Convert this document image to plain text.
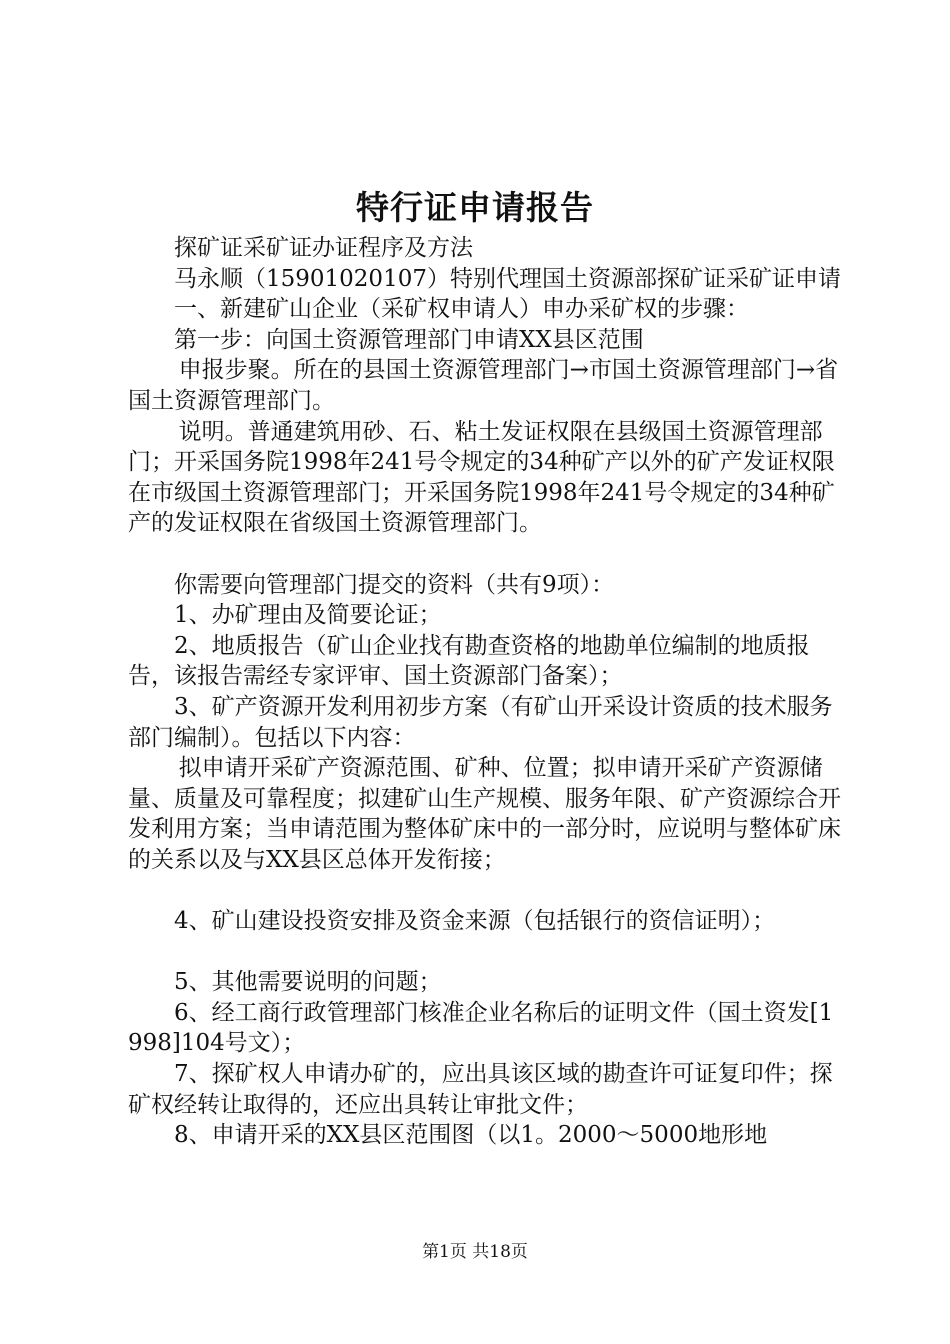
特行证申请报告

探矿证采矿证办证程序及方法

马永顺（15901020107）特别代理国土资源部探矿证采矿证申请

一、新建矿山企业（采矿权申请人）申办采矿权的步骤：

第一步：向国土资源管理部门申请XX县区范围

申报步聚。所在的县国土资源管理部门→市国土资源管理部门→省国土资源管理部门。

说明。普通建筑用砂、石、粘土发证权限在县级国土资源管理部门；开采国务院1998年241号令规定的34种矿产以外的矿产发证权限在市级国土资源管理部门；开采国务院1998年241号令规定的34种矿产的发证权限在省级国土资源管理部门。

你需要向管理部门提交的资料（共有9项）：

1、办矿理由及简要论证；

2、地质报告（矿山企业找有勘查资格的地勘单位编制的地质报告，该报告需经专家评审、国土资源部门备案）；

3、矿产资源开发利用初步方案（有矿山开采设计资质的技术服务部门编制）。包括以下内容：

拟申请开采矿产资源范围、矿种、位置；拟申请开采矿产资源储量、质量及可靠程度；拟建矿山生产规模、服务年限、矿产资源综合开发利用方案；当申请范围为整体矿床中的一部分时，应说明与整体矿床的关系以及与XX县区总体开发衔接；

4、矿山建设投资安排及资金来源（包括银行的资信证明）；

5、其他需要说明的问题；

6、经工商行政管理部门核准企业名称后的证明文件（国土资发[1998]104号文）；

7、探矿权人申请办矿的，应出具该区域的勘查许可证复印件；探矿权经转让取得的，还应出具转让审批文件；

8、申请开采的XX县区范围图（以1。2000～5000地形地

第1页 共18页
